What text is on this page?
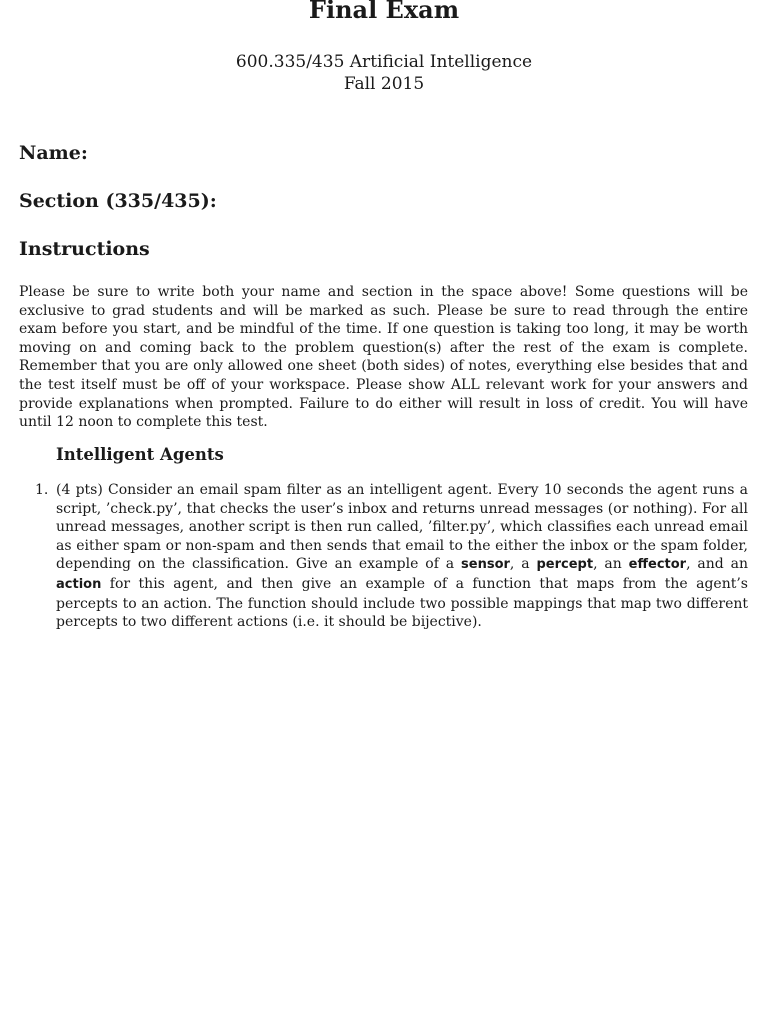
Final Exam
600.335/435 Artificial Intelligence
Fall 2015
Name:
Section (335/435):
Instructions
Please be sure to write both your name and section in the space above! Some questions will be exclusive to grad students and will be marked as such. Please be sure to read through the entire exam before you start, and be mindful of the time. If one question is taking too long, it may be worth moving on and coming back to the problem question(s) after the rest of the exam is complete. Remember that you are only allowed one sheet (both sides) of notes, everything else besides that and the test itself must be off of your workspace. Please show ALL relevant work for your answers and provide explanations when prompted. Failure to do either will result in loss of credit. You will have until 12 noon to complete this test.
Intelligent Agents
1. (4 pts) Consider an email spam filter as an intelligent agent. Every 10 seconds the agent runs a script, ’check.py’, that checks the user’s inbox and returns unread messages (or nothing). For all unread messages, another script is then run called, ’filter.py’, which classifies each unread email as either spam or non-spam and then sends that email to the either the inbox or the spam folder, depending on the classification. Give an example of a sensor, a percept, an effector, and an action for this agent, and then give an example of a function that maps from the agent’s percepts to an action. The function should include two possible mappings that map two different percepts to two different actions (i.e. it should be bijective).
